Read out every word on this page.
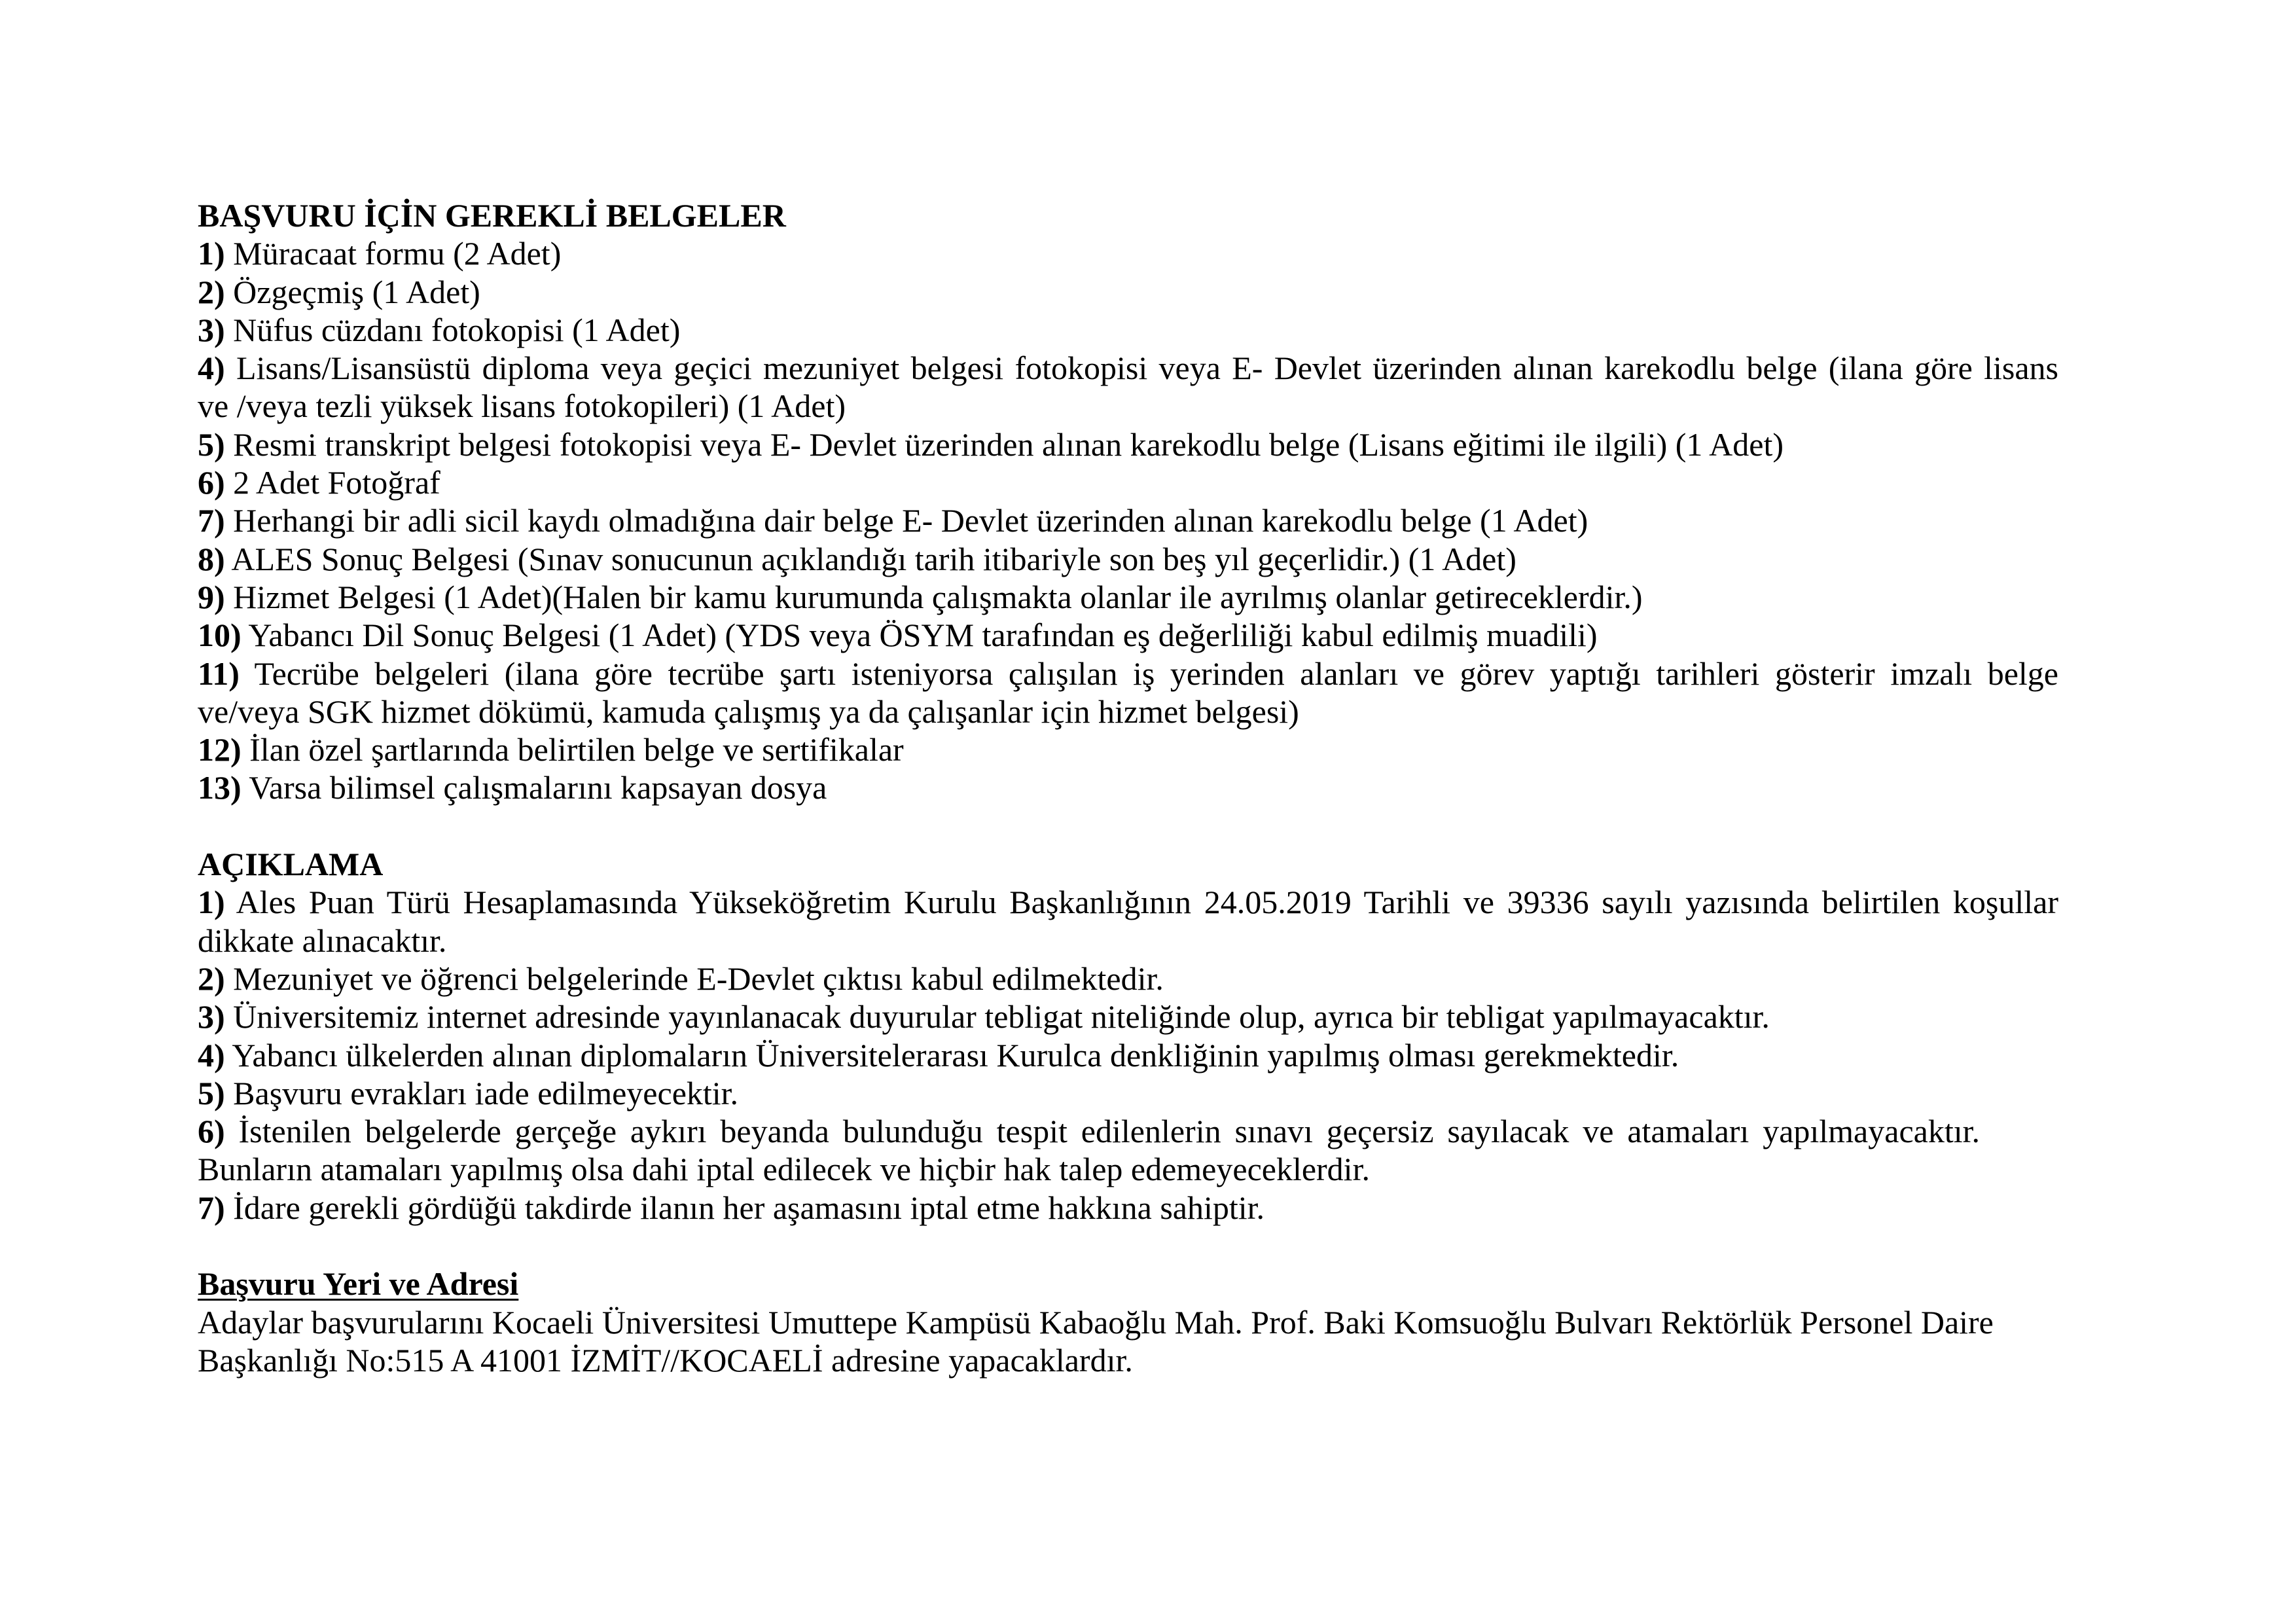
BAŞVURU İÇİN GEREKLİ BELGELER
1) Müracaat formu (2 Adet)
2) Özgeçmiş (1 Adet)
3) Nüfus cüzdanı fotokopisi (1 Adet)
4) Lisans/Lisansüstü diploma veya geçici mezuniyet belgesi fotokopisi veya E- Devlet üzerinden alınan karekodlu belge (ilana göre lisans
ve /veya tezli yüksek lisans fotokopileri) (1 Adet)
5) Resmi transkript belgesi fotokopisi veya E- Devlet üzerinden alınan karekodlu belge (Lisans eğitimi ile ilgili) (1 Adet)
6) 2 Adet Fotoğraf
7) Herhangi bir adli sicil kaydı olmadığına dair belge E- Devlet üzerinden alınan karekodlu belge (1 Adet)
8) ALES Sonuç Belgesi (Sınav sonucunun açıklandığı tarih itibariyle son beş yıl geçerlidir.) (1 Adet)
9) Hizmet Belgesi (1 Adet)(Halen bir kamu kurumunda çalışmakta olanlar ile ayrılmış olanlar getireceklerdir.)
10) Yabancı Dil Sonuç Belgesi (1 Adet) (YDS veya ÖSYM tarafından eş değerliliği kabul edilmiş muadili)
11) Tecrübe belgeleri (ilana göre tecrübe şartı isteniyorsa çalışılan iş yerinden alanları ve görev yaptığı tarihleri gösterir imzalı belge
ve/veya SGK hizmet dökümü, kamuda çalışmış ya da çalışanlar için hizmet belgesi)
12) İlan özel şartlarında belirtilen belge ve sertifikalar
13) Varsa bilimsel çalışmalarını kapsayan dosya
AÇIKLAMA
1) Ales Puan Türü Hesaplamasında Yükseköğretim Kurulu Başkanlığının 24.05.2019 Tarihli ve 39336 sayılı yazısında belirtilen koşullar
dikkate alınacaktır.
2) Mezuniyet ve öğrenci belgelerinde E-Devlet çıktısı kabul edilmektedir.
3) Üniversitemiz internet adresinde yayınlanacak duyurular tebligat niteliğinde olup, ayrıca bir tebligat yapılmayacaktır.
4) Yabancı ülkelerden alınan diplomaların Üniversitelerarası Kurulca denkliğinin yapılmış olması gerekmektedir.
5) Başvuru evrakları iade edilmeyecektir.
6) İstenilen belgelerde gerçeğe aykırı beyanda bulunduğu tespit edilenlerin sınavı geçersiz sayılacak ve atamaları yapılmayacaktır.
Bunların atamaları yapılmış olsa dahi iptal edilecek ve hiçbir hak talep edemeyeceklerdir.
7) İdare gerekli gördüğü takdirde ilanın her aşamasını iptal etme hakkına sahiptir.
Başvuru Yeri ve Adresi
Adaylar başvurularını Kocaeli Üniversitesi Umuttepe Kampüsü Kabaoğlu Mah. Prof. Baki Komsuoğlu Bulvarı Rektörlük Personel Daire
Başkanlığı No:515 A 41001 İZMİT//KOCAELİ adresine yapacaklardır.
